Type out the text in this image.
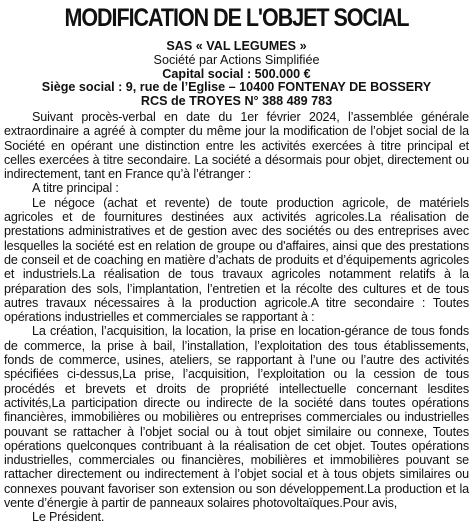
MODIFICATION DE L'OBJET SOCIAL
SAS « VAL LEGUMES »
Société par Actions Simplifiée
Capital social : 500.000 €
Siège social : 9, rue de l’Eglise – 10400 FONTENAY DE BOSSERY
RCS de TROYES N° 388 489 783

Suivant procès-verbal en date du 1er février 2024, l’assemblée générale extraordinaire a agréé à compter du même jour la modification de l’objet social de la Société en opérant une distinction entre les activités exercées à titre principal et celles exercées à titre secondaire. La société a désormais pour objet, directement ou indirectement, tant en France qu’à l’étranger :

A titre principal :

Le négoce (achat et revente) de toute production agricole, de matériels agricoles et de fournitures destinées aux activités agricoles.La réalisation de prestations administratives et de gestion avec des sociétés ou des entreprises avec lesquelles la société est en relation de groupe ou d'affaires, ainsi que des prestations de conseil et de coaching en matière d’achats de produits et d’équipements agricoles et industriels.La réalisation de tous travaux agricoles notamment relatifs à la préparation des sols, l’implantation, l’entretien et la récolte des cultures et de tous autres travaux nécessaires à la production agricole.A titre secondaire : Toutes opérations industrielles et commerciales se rapportant à :

La création, l’acquisition, la location, la prise en location-gérance de tous fonds de commerce, la prise à bail, l’installation, l’exploitation des tous établissements, fonds de commerce, usines, ateliers, se rapportant à l’une ou l’autre des activités spécifiées ci-dessus,La prise, l’acquisition, l’exploitation ou la cession de tous procédés et brevets et droits de propriété intellectuelle concernant lesdites activités,La participation directe ou indirecte de la société dans toutes opérations financières, immobilières ou mobilières ou entreprises commerciales ou industrielles pouvant se rattacher à l’objet social ou à tout objet similaire ou connexe, Toutes opérations quelconques contribuant à la réalisation de cet objet. Toutes opérations industrielles, commerciales ou financières, mobilières et immobilières pouvant se rattacher directement ou indirectement à l’objet social et à tous objets similaires ou connexes pouvant favoriser son extension ou son développement.La production et la vente d’énergie à partir de panneaux solaires photovoltaïques.Pour avis,

Le Président.
